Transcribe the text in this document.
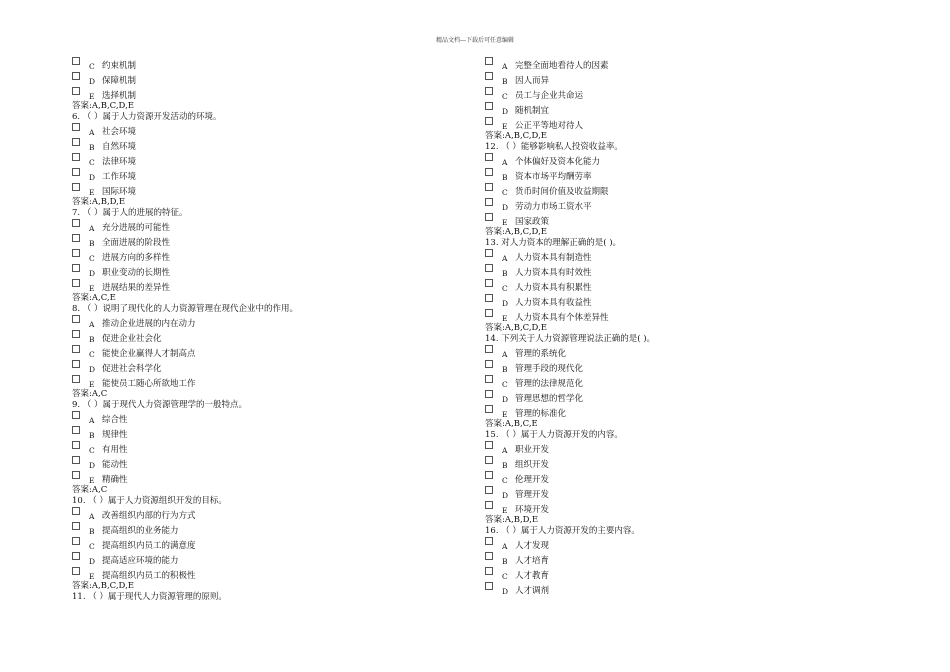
精品文档---下载后可任意编辑
C 约束机制
D 保障机制
E 选择机制
答案:A,B,C,D,E
6. （ ）属于人力资源开发活动的环境。
A 社会环境
B 自然环境
C 法律环境
D 工作环境
E 国际环境
答案:A,B,D,E
7. （ ）属于人的进展的特征。
A 充分进展的可能性
B 全面进展的阶段性
C 进展方向的多样性
D 职业变动的长期性
E 进展结果的差异性
答案:A,C,E
8. （ ）说明了现代化的人力资源管理在现代企业中的作用。
A 推动企业进展的内在动力
B 促进企业社会化
C 能使企业赢得人才制高点
D 促进社会科学化
E 能使员工随心所欲地工作
答案:A,C
9. （ ）属于现代人力资源管理学的一般特点。
A 综合性
B 规律性
C 有用性
D 能动性
E 精确性
答案:A,C
10. （ ）属于人力资源组织开发的目标。
A 改善组织内部的行为方式
B 提高组织的业务能力
C 提高组织内员工的满意度
D 提高适应环境的能力
E 提高组织内员工的积极性
答案:A,B,C,D,E
11. （ ）属于现代人力资源管理的原则。
A 完整全面地看待人的因素
B 因人而异
C 员工与企业共命运
D 随机制宜
E 公正平等地对待人
答案:A,B,C,D,E
12. （ ）能够影响私人投资收益率。
A 个体偏好及资本化能力
B 资本市场平均酬劳率
C 货币时间价值及收益期限
D 劳动力市场工资水平
E 国家政策
答案:A,B,C,D,E
13. 对人力资本的理解正确的是( )。
A 人力资本具有制造性
B 人力资本具有时效性
C 人力资本具有积累性
D 人力资本具有收益性
E 人力资本具有个体差异性
答案:A,B,C,D,E
14. 下列关于人力资源管理说法正确的是( )。
A 管理的系统化
B 管理手段的现代化
C 管理的法律规范化
D 管理思想的哲学化
E 管理的标准化
答案:A,B,C,E
15. （ ）属于人力资源开发的内容。
A 职业开发
B 组织开发
C 伦理开发
D 管理开发
E 环境开发
答案:A,B,D,E
16. （ ）属于人力资源开发的主要内容。
A 人才发现
B 人才培育
C 人才教育
D 人才调剂
